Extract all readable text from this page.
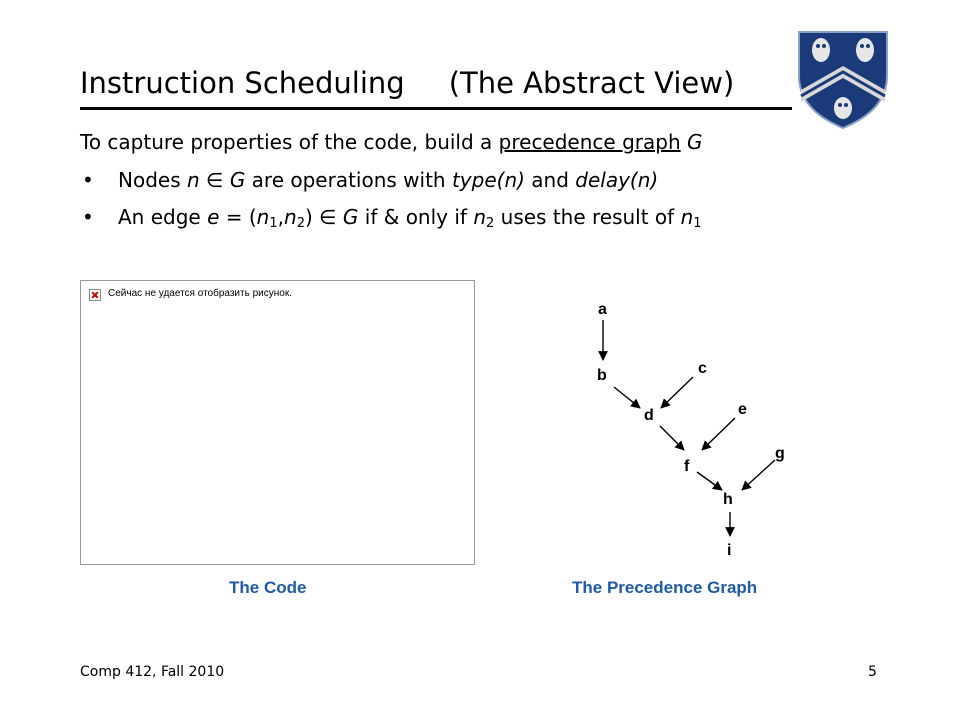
Instruction Scheduling (The Abstract View)
To capture properties of the code, build a precedence graph G
• Nodes n ∈ G are operations with type(n) and delay(n)
• An edge $e = (n_1,n_2)$ ∈ G if & only if $n_2$ uses the result of $n_1$
Сейчас не удается отобразить рисунок.
a
b	c
d	e
f
g
h
i
The Code	The Precedence Graph
Comp 412, Fall 2010	5
